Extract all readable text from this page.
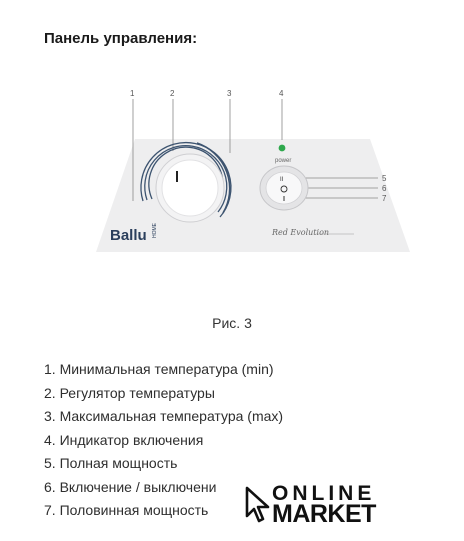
Панель управления:
1	2	3	4
5
6
7
Ballu HOME
power
II
Red Evolution
Рис. 3
1. Минимальная температура (min)
2. Регулятор температуры
3. Максимальная температура (max)
4. Индикатор включения
5. Полная мощность
6. Включение / выключени
7. Половинная мощность
ONLINE
MARKET
